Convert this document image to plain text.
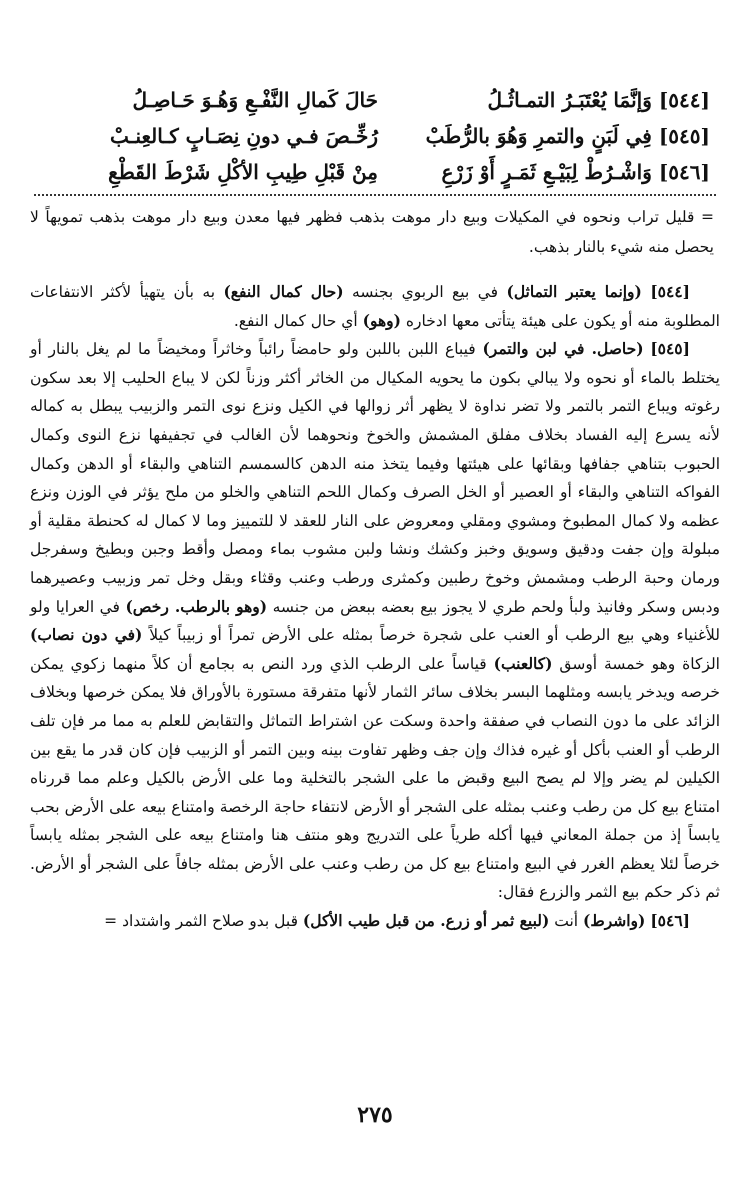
[٥٤٤] وَإنَّمَا يُعْتَبَـرُ التمـاثُـلُ
حَالَ كَمالِ النَّفْـعِ وَهُـوَ حَـاصِـلُ
[٥٤٥] فِي لَبَنٍ والتمرِ وَهُوَ بالرُّطَبْ
رُخِّـصَ فـي دونِ نِصَـابٍ كـالعِنـبْ
[٥٤٦] وَاشْـرُطْ لِبَيْـعِ ثَمَـرٍ أَوْ زَرْعِ
مِنْ قَبْلِ طِيبِ الأكْلِ شَرْطَ القَطْعِ
= قليل تراب ونحوه في المكيلات وبيع دار موهت بذهب فظهر فيها معدن وبيع دار موهت بذهب تمويهاً لا يحصل منه شيء بالنار بذهب.

[٥٤٤] (وإنما يعتبر التماثل) في بيع الربوي بجنسه (حال كمال النفع) به بأن يتهيأ لأكثر الانتفاعات المطلوبة منه أو يكون على هيئة يتأتى معها ادخاره (وهو) أي حال كمال النفع.

[٥٤٥] (حاصل. في لبن والتمر) فيباع اللبن باللبن ولو حامضاً رائباً وخاثراً ومخيضاً ما لم يغل بالنار أو يختلط بالماء أو نحوه ولا يبالي بكون ما يحويه المكيال من الخاثر أكثر وزناً لكن لا يباع الحليب إلا بعد سكون رغوته ويباع التمر بالتمر ولا تضر نداوة لا يظهر أثر زوالها في الكيل ونزع نوى التمر والزبيب يبطل به كماله لأنه يسرع إليه الفساد بخلاف مفلق المشمش والخوخ ونحوهما لأن الغالب في تجفيفها نزع النوى وكمال الحبوب بتناهي جفافها وبقائها على هيئتها وفيما يتخذ منه الدهن كالسمسم التناهي والبقاء أو الدهن وكمال الفواكه التناهي والبقاء أو العصير أو الخل الصرف وكمال اللحم التناهي والخلو من ملح يؤثر في الوزن ونزع عظمه ولا كمال المطبوخ ومشوي ومقلي ومعروض على النار للعقد لا للتمييز وما لا كمال له كحنطة مقلية أو مبلولة وإن جفت ودقيق وسويق وخبز وكشك ونشا ولبن مشوب بماء ومصل وأقط وجبن وبطيخ وسفرجل ورمان وحبة الرطب ومشمش وخوخ رطبين وكمثرى ورطب وعنب وقثاء وبقل وخل تمر وزبيب وعصيرهما ودبس وسكر وفانيذ ولبأ ولحم طري لا يجوز بيع بعضه ببعض من جنسه (وهو بالرطب. رخص) في العرايا ولو للأغنياء وهي بيع الرطب أو العنب على شجرة خرصاً بمثله على الأرض تمراً أو زبيباً كيلاً (في دون نصاب) الزكاة وهو خمسة أوسق (كالعنب) قياساً على الرطب الذي ورد النص به بجامع أن كلاً منهما زكوي يمكن خرصه ويدخر يابسه ومثلهما البسر بخلاف سائر الثمار لأنها متفرقة مستورة بالأوراق فلا يمكن خرصها وبخلاف الزائد على ما دون النصاب في صفقة واحدة وسكت عن اشتراط التماثل والتقابض للعلم به مما مر فإن تلف الرطب أو العنب بأكل أو غيره فذاك وإن جف وظهر تفاوت بينه وبين التمر أو الزبيب فإن كان قدر ما يقع بين الكيلين لم يضر وإلا لم يصح البيع وقبض ما على الشجر بالتخلية وما على الأرض بالكيل وعلم مما قررناه امتناع بيع كل من رطب وعنب بمثله على الشجر أو الأرض لانتفاء حاجة الرخصة وامتناع بيعه على الأرض بحب يابساً إذ من جملة المعاني فيها أكله طرياً على التدريج وهو منتف هنا وامتناع بيعه على الشجر بمثله يابساً خرصاً لئلا يعظم الغرر في البيع وامتناع بيع كل من رطب وعنب على الأرض بمثله جافاً على الشجر أو الأرض. ثم ذكر حكم بيع الثمر والزرع فقال:

[٥٤٦] (واشرط) أنت (لبيع ثمر أو زرع. من قبل طيب الأكل) قبل بدو صلاح الثمر واشتداد =

٢٧٥
